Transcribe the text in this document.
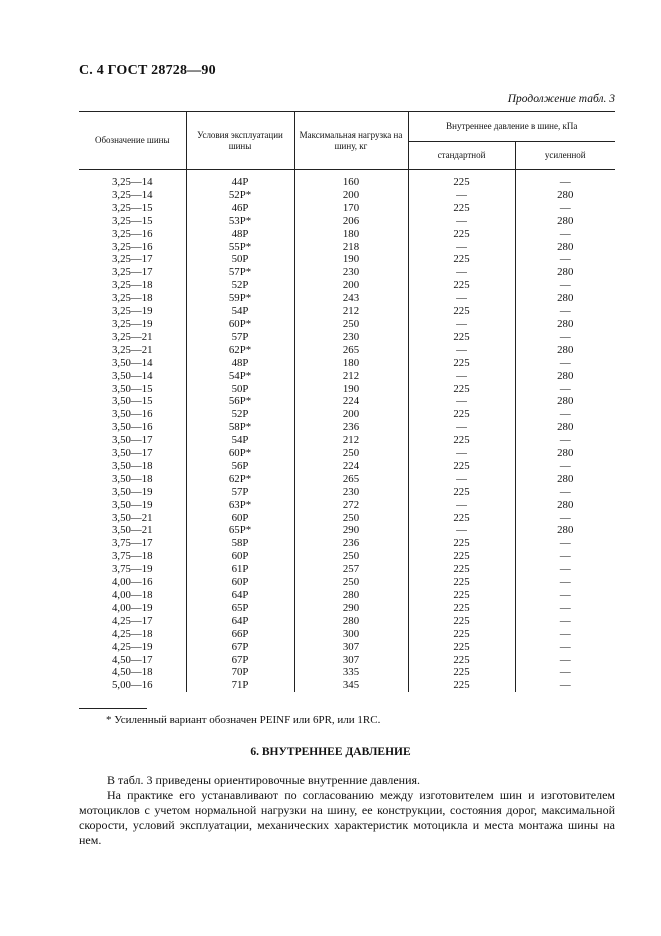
С. 4 ГОСТ 28728—90
Продолжение табл. 3
Обозначение шины	Условия эксплуатации шины	Максимальная нагрузка на шину, кг	Внутреннее давление в шине, кПа	
			стандартной	усиленной
3,25—14	44P	160	225	—
3,25—14	52P*	200	—	280
3,25—15	46P	170	225	—
3,25—15	53P*	206	—	280
3,25—16	48P	180	225	—
3,25—16	55P*	218	—	280
3,25—17	50P	190	225	—
3,25—17	57P*	230	—	280
3,25—18	52P	200	225	—
3,25—18	59P*	243	—	280
3,25—19	54P	212	225	—
3,25—19	60P*	250	—	280
3,25—21	57P	230	225	—
3,25—21	62P*	265	—	280
3,50—14	48P	180	225	—
3,50—14	54P*	212	—	280
3,50—15	50P	190	225	—
3,50—15	56P*	224	—	280
3,50—16	52P	200	225	—
3,50—16	58P*	236	—	280
3,50—17	54P	212	225	—
3,50—17	60P*	250	—	280
3,50—18	56P	224	225	—
3,50—18	62P*	265	—	280
3,50—19	57P	230	225	—
3,50—19	63P*	272	—	280
3,50—21	60P	250	225	—
3,50—21	65P*	290	—	280
3,75—17	58P	236	225	—
3,75—18	60P	250	225	—
3,75—19	61P	257	225	—
4,00—16	60P	250	225	—
4,00—18	64P	280	225	—
4,00—19	65P	290	225	—
4,25—17	64P	280	225	—
4,25—18	66P	300	225	—
4,25—19	67P	307	225	—
4,50—17	67P	307	225	—
4,50—18	70P	335	225	—
5,00—16	71P	345	225	—
* Усиленный вариант обозначен PEINF или 6PR, или 1RC.
6. ВНУТРЕННЕЕ ДАВЛЕНИЕ
В табл. 3 приведены ориентировочные внутренние давления.
На практике его устанавливают по согласованию между изготовителем шин и изготовителем мотоциклов с учетом нормальной нагрузки на шину, ее конструкции, состояния дорог, максимальной скорости, условий эксплуатации, механических характеристик мотоцикла и места монтажа шины на нем.
